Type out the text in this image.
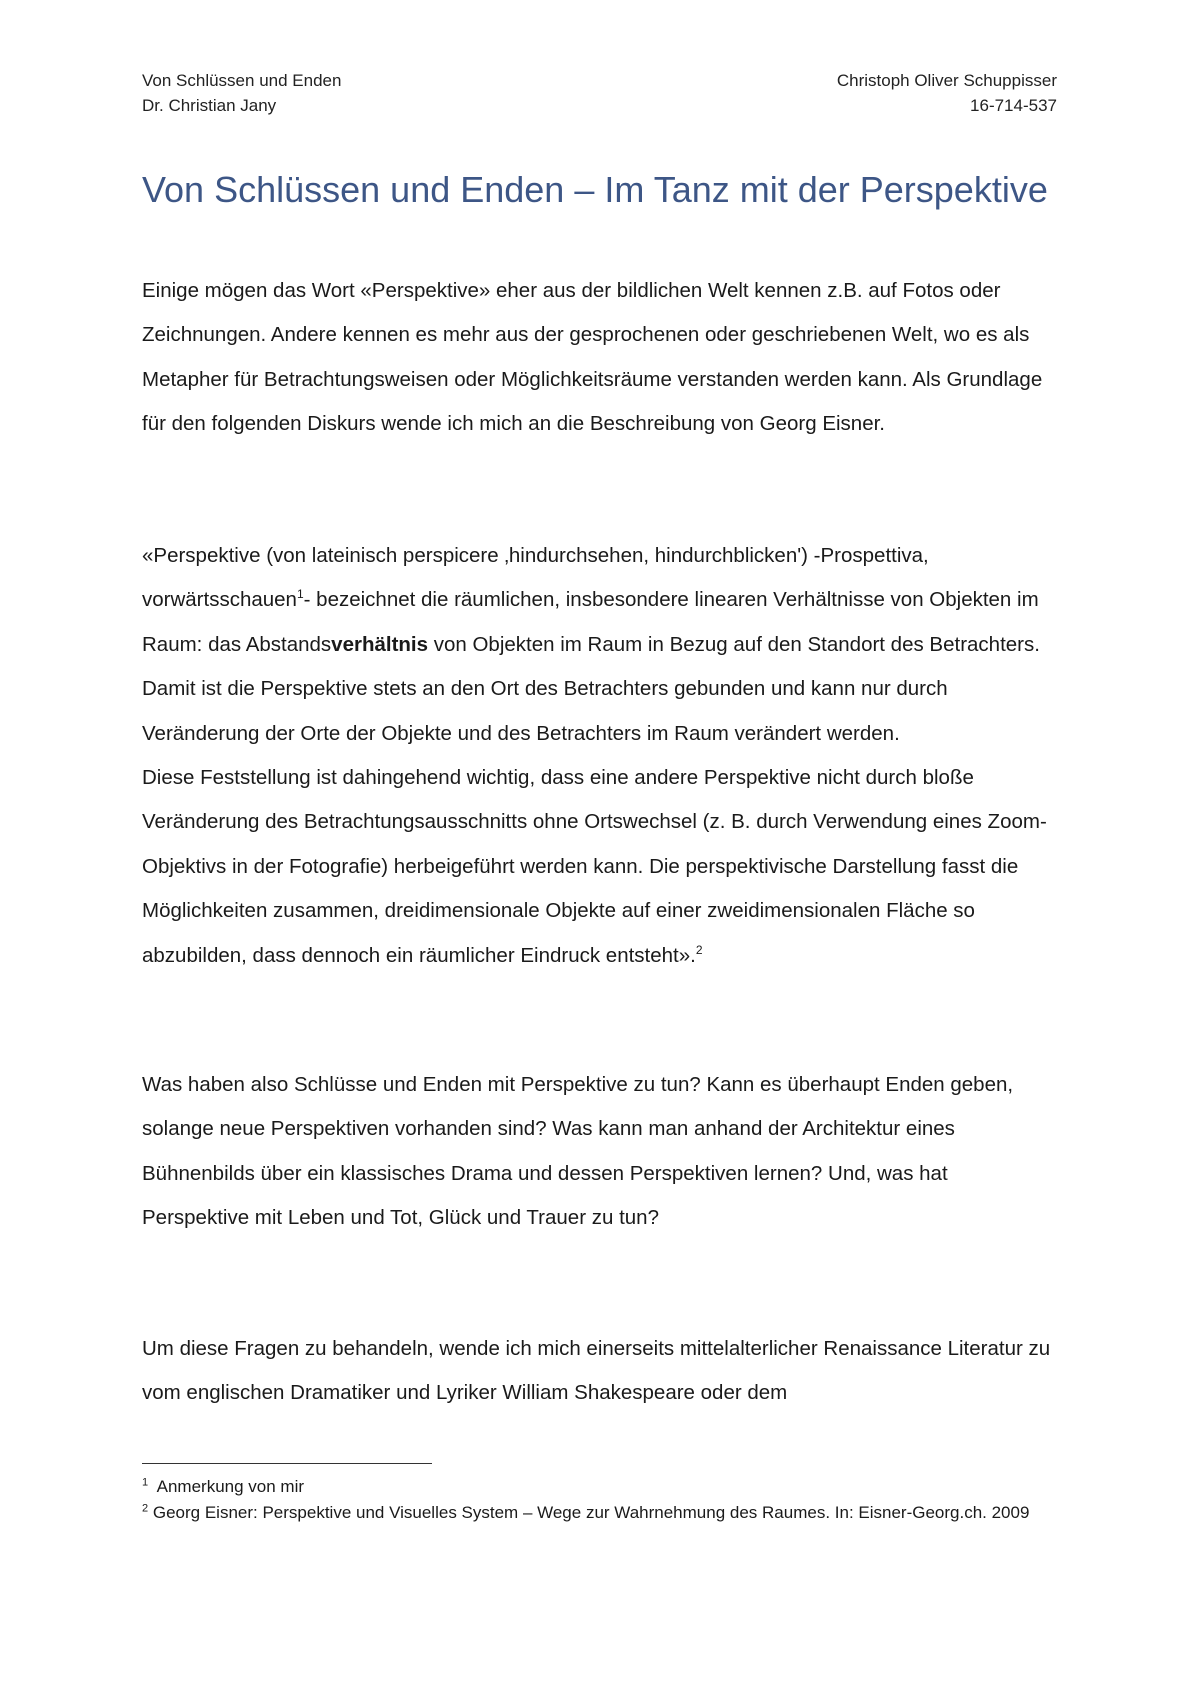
Von Schlüssen und Enden
Dr. Christian Jany
Christoph Oliver Schuppisser
16-714-537
Von Schlüssen und Enden – Im Tanz mit der Perspektive

Einige mögen das Wort «Perspektive» eher aus der bildlichen Welt kennen z.B. auf Fotos oder Zeichnungen. Andere kennen es mehr aus der gesprochenen oder geschriebenen Welt, wo es als Metapher für Betrachtungsweisen oder Möglichkeitsräume verstanden werden kann. Als Grundlage für den folgenden Diskurs wende ich mich an die Beschreibung von Georg Eisner.

«Perspektive (von lateinisch perspicere ‚hindurchsehen, hindurchblicken') -Prospettiva, vorwärtsschauen$^1$- bezeichnet die räumlichen, insbesondere linearen Verhältnisse von Objekten im Raum: das Abstandsverhältnis von Objekten im Raum in Bezug auf den Standort des Betrachters. Damit ist die Perspektive stets an den Ort des Betrachters gebunden und kann nur durch Veränderung der Orte der Objekte und des Betrachters im Raum verändert werden.
Diese Feststellung ist dahingehend wichtig, dass eine andere Perspektive nicht durch bloße Veränderung des Betrachtungsausschnitts ohne Ortswechsel (z. B. durch Verwendung eines Zoom-Objektivs in der Fotografie) herbeigeführt werden kann. Die perspektivische Darstellung fasst die Möglichkeiten zusammen, dreidimensionale Objekte auf einer zweidimensionalen Fläche so abzubilden, dass dennoch ein räumlicher Eindruck entsteht».$^2$

Was haben also Schlüsse und Enden mit Perspektive zu tun? Kann es überhaupt Enden geben, solange neue Perspektiven vorhanden sind? Was kann man anhand der Architektur eines Bühnenbilds über ein klassisches Drama und dessen Perspektiven lernen? Und, was hat Perspektive mit Leben und Tot, Glück und Trauer zu tun?

Um diese Fragen zu behandeln, wende ich mich einerseits mittelalterlicher Renaissance Literatur zu vom englischen Dramatiker und Lyriker William Shakespeare oder dem

$^1$ Anmerkung von mir

$^2$ Georg Eisner: Perspektive und Visuelles System – Wege zur Wahrnehmung des Raumes. In: Eisner-Georg.ch. 2009
